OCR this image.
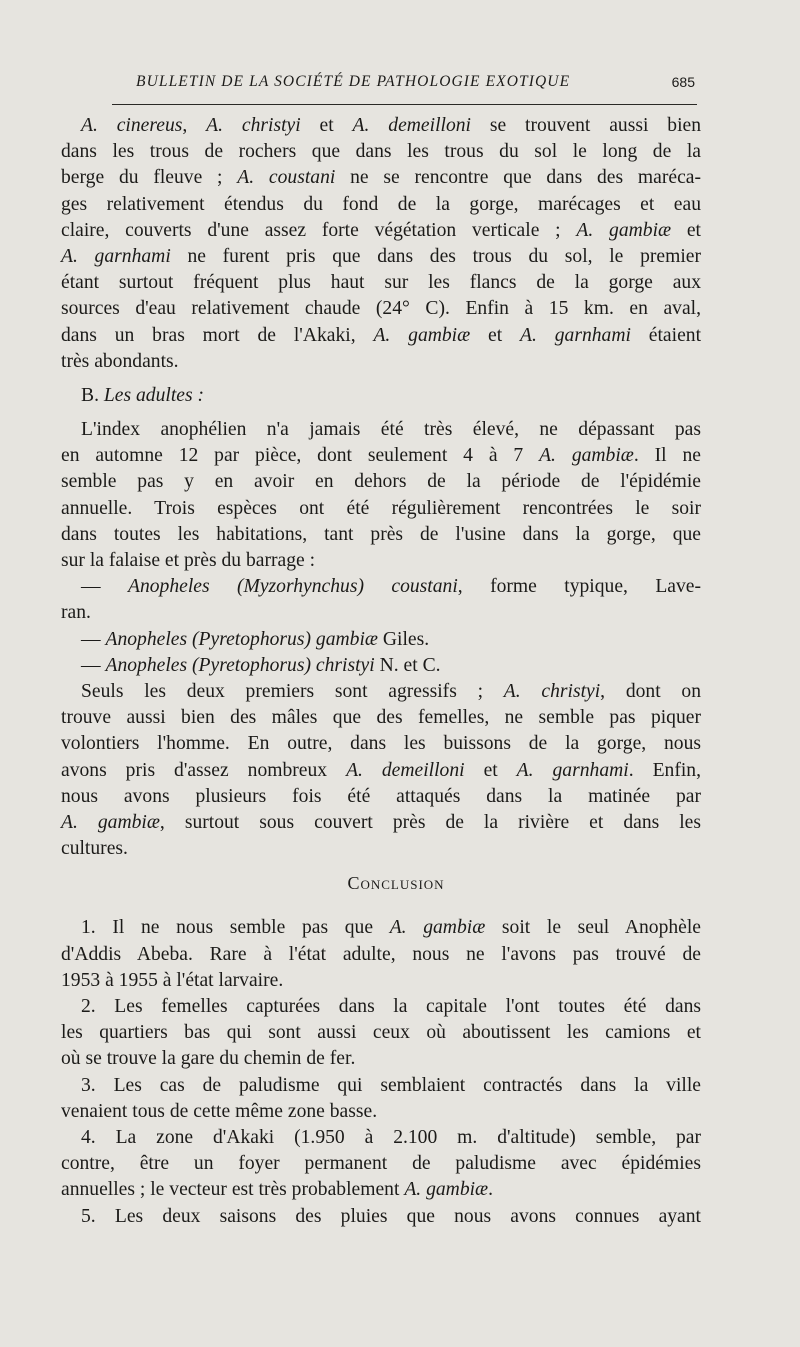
BULLETIN DE LA SOCIÉTÉ DE PATHOLOGIE EXOTIQUE	685
A. cinereus, A. christyi et A. demeilloni se trouvent aussi bien
dans les trous de rochers que dans les trous du sol le long de la
berge du fleuve ; A. coustani ne se rencontre que dans des maréca-
ges relativement étendus du fond de la gorge, marécages et eau
claire, couverts d'une assez forte végétation verticale ; A. gambiæ et
A. garnhami ne furent pris que dans des trous du sol, le premier
étant surtout fréquent plus haut sur les flancs de la gorge aux
sources d'eau relativement chaude (24° C). Enfin à 15 km. en aval,
dans un bras mort de l'Akaki, A. gambiæ et A. garnhami étaient
très abondants.
B. Les adultes :
L'index anophélien n'a jamais été très élevé, ne dépassant pas
en automne 12 par pièce, dont seulement 4 à 7 A. gambiæ. Il ne
semble pas y en avoir en dehors de la période de l'épidémie
annuelle. Trois espèces ont été régulièrement rencontrées le soir
dans toutes les habitations, tant près de l'usine dans la gorge, que
sur la falaise et près du barrage :
— Anopheles (Myzorhynchus) coustani, forme typique, Lave-
ran.
— Anopheles (Pyretophorus) gambiæ Giles.
— Anopheles (Pyretophorus) christyi N. et C.
Seuls les deux premiers sont agressifs ; A. christyi, dont on
trouve aussi bien des mâles que des femelles, ne semble pas piquer
volontiers l'homme. En outre, dans les buissons de la gorge, nous
avons pris d'assez nombreux A. demeilloni et A. garnhami. Enfin,
nous avons plusieurs fois été attaqués dans la matinée par
A. gambiæ, surtout sous couvert près de la rivière et dans les
cultures.
Conclusion
1. Il ne nous semble pas que A. gambiæ soit le seul Anophèle
d'Addis Abeba. Rare à l'état adulte, nous ne l'avons pas trouvé de
1953 à 1955 à l'état larvaire.
2. Les femelles capturées dans la capitale l'ont toutes été dans
les quartiers bas qui sont aussi ceux où aboutissent les camions et
où se trouve la gare du chemin de fer.
3. Les cas de paludisme qui semblaient contractés dans la ville
venaient tous de cette même zone basse.
4. La zone d'Akaki (1.950 à 2.100 m. d'altitude) semble, par
contre, être un foyer permanent de paludisme avec épidémies
annuelles ; le vecteur est très probablement A. gambiæ.
5. Les deux saisons des pluies que nous avons connues ayant
